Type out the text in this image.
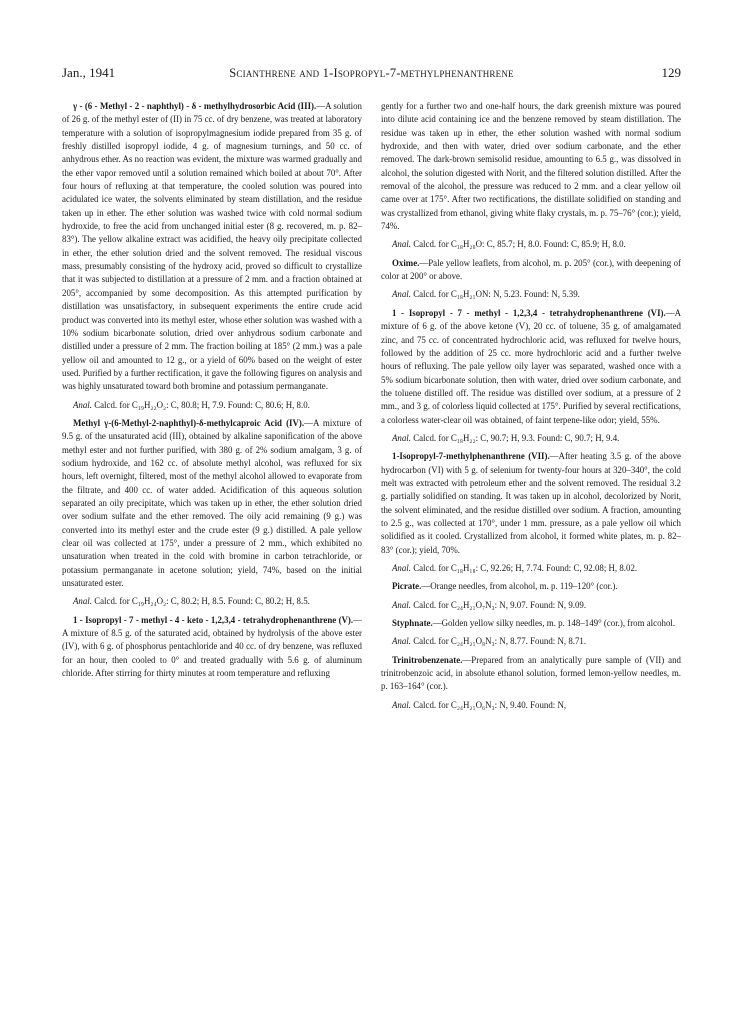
Jan., 1941	Scianthrene and 1-Isopropyl-7-methylphenanthrene	129

γ - (6 - Methyl - 2 - naphthyl) - δ - methylhydrosorbic Acid (III).—A solution of 26 g. of the methyl ester of (II) in 75 cc. of dry benzene, was treated at laboratory temperature with a solution of isopropylmagnesium iodide prepared from 35 g. of freshly distilled isopropyl iodide, 4 g. of magnesium turnings, and 50 cc. of anhydrous ether. As no reaction was evident, the mixture was warmed gradually and the ether vapor removed until a solution remained which boiled at about 70°. After four hours of refluxing at that temperature, the cooled solution was poured into acidulated ice water, the solvents eliminated by steam distillation, and the residue taken up in ether. The ether solution was washed twice with cold normal sodium hydroxide, to free the acid from unchanged initial ester (8 g. recovered, m. p. 82–83°). The yellow alkaline extract was acidified, the heavy oily precipitate collected in ether, the ether solution dried and the solvent removed. The residual viscous mass, presumably consisting of the hydroxy acid, proved so difficult to crystallize that it was subjected to distillation at a pressure of 2 mm. and a fraction obtained at 205°, accompanied by some decomposition. As this attempted purification by distillation was unsatisfactory, in subsequent experiments the entire crude acid product was converted into its methyl ester, whose ether solution was washed with a 10% sodium bicarbonate solution, dried over anhydrous sodium carbonate and distilled under a pressure of 2 mm. The fraction boiling at 185° (2 mm.) was a pale yellow oil and amounted to 12 g., or a yield of 60% based on the weight of ester used. Purified by a further rectification, it gave the following figures on analysis and was highly unsaturated toward both bromine and potassium permanganate.

Anal. Calcd. for C₁₉H₂₂O₂: C, 80.8; H, 7.9. Found: C, 80.6; H, 8.0.

Methyl γ-(6-Methyl-2-naphthyl)-δ-methylcaproic Acid (IV).—A mixture of 9.5 g. of the unsaturated acid (III), obtained by alkaline saponification of the above methyl ester and not further purified, with 380 g. of 2% sodium amalgam, 3 g. of sodium hydroxide, and 162 cc. of absolute methyl alcohol, was refluxed for six hours, left overnight, filtered, most of the methyl alcohol allowed to evaporate from the filtrate, and 400 cc. of water added. Acidification of this aqueous solution separated an oily precipitate, which was taken up in ether, the ether solution dried over sodium sulfate and the ether removed. The oily acid remaining (9 g.) was converted into its methyl ester and the crude ester (9 g.) distilled. A pale yellow clear oil was collected at 175°, under a pressure of 2 mm., which exhibited no unsaturation when treated in the cold with bromine in carbon tetrachloride, or potassium permanganate in acetone solution; yield, 74%, based on the initial unsaturated ester.

Anal. Calcd. for C₁₉H₂₄O₂: C, 80.2; H, 8.5. Found: C, 80.2; H, 8.5.

1 - Isopropyl - 7 - methyl - 4 - keto - 1,2,3,4 - tetrahydrophenanthrene (V).—A mixture of 8.5 g. of the saturated acid, obtained by hydrolysis of the above ester (IV), with 6 g. of phosphorus pentachloride and 40 cc. of dry benzene, was refluxed for an hour, then cooled to 0° and treated gradually with 5.6 g. of aluminum chloride. After stirring for thirty minutes at room temperature and refluxing

gently for a further two and one-half hours, the dark greenish mixture was poured into dilute acid containing ice and the benzene removed by steam distillation. The residue was taken up in ether, the ether solution washed with normal sodium hydroxide, and then with water, dried over sodium carbonate, and the ether removed. The dark-brown semisolid residue, amounting to 6.5 g., was dissolved in alcohol, the solution digested with Norit, and the filtered solution distilled. After the removal of the alcohol, the pressure was reduced to 2 mm. and a clear yellow oil came over at 175°. After two rectifications, the distillate solidified on standing and was crystallized from ethanol, giving white flaky crystals, m. p. 75–76° (cor.); yield, 74%.

Anal. Calcd. for C₁₈H₂₀O: C, 85.7; H, 8.0. Found: C, 85.9; H, 8.0.

Oxime.—Pale yellow leaflets, from alcohol, m. p. 205° (cor.), with deepening of color at 200° or above.

Anal. Calcd. for C₁₈H₂₁ON: N, 5.23. Found: N, 5.39.

1 - Isopropyl - 7 - methyl - 1,2,3,4 - tetrahydrophenanthrene (VI).—A mixture of 6 g. of the above ketone (V), 20 cc. of toluene, 35 g. of amalgamated zinc, and 75 cc. of concentrated hydrochloric acid, was refluxed for twelve hours, followed by the addition of 25 cc. more hydrochloric acid and a further twelve hours of refluxing. The pale yellow oily layer was separated, washed once with a 5% sodium bicarbonate solution, then with water, dried over sodium carbonate, and the toluene distilled off. The residue was distilled over sodium, at a pressure of 2 mm., and 3 g. of colorless liquid collected at 175°. Purified by several rectifications, a colorless water-clear oil was obtained, of faint terpene-like odor; yield, 55%.

Anal. Calcd. for C₁₈H₂₂: C, 90.7; H, 9.3. Found: C, 90.7; H, 9.4.

1-Isopropyl-7-methylphenanthrene (VII).—After heating 3.5 g. of the above hydrocarbon (VI) with 5 g. of selenium for twenty-four hours at 320–340°, the cold melt was extracted with petroleum ether and the solvent removed. The residual 3.2 g. partially solidified on standing. It was taken up in alcohol, decolorized by Norit, the solvent eliminated, and the residue distilled over sodium. A fraction, amounting to 2.5 g., was collected at 170°, under 1 mm. pressure, as a pale yellow oil which solidified as it cooled. Crystallized from alcohol, it formed white plates, m. p. 82–83° (cor.); yield, 70%.

Anal. Calcd. for C₁₈H₁₈: C, 92.26; H, 7.74. Found: C, 92.08; H, 8.02.

Picrate.—Orange needles, from alcohol, m. p. 119–120° (cor.).

Anal. Calcd. for C₂₄H₂₁O₇N₃: N, 9.07. Found: N, 9.09.

Styphnate.—Golden yellow silky needles, m. p. 148–149° (cor.), from alcohol.

Anal. Calcd. for C₂₄H₂₁O₈N₃: N, 8.77. Found: N, 8.71.

Trinitrobenzenate.—Prepared from an analytically pure sample of (VII) and trinitrobenzoic acid, in absolute ethanol solution, formed lemon-yellow needles, m. p. 163–164° (cor.).

Anal. Calcd. for C₂₄H₂₁O₆N₃: N, 9.40. Found: N,
